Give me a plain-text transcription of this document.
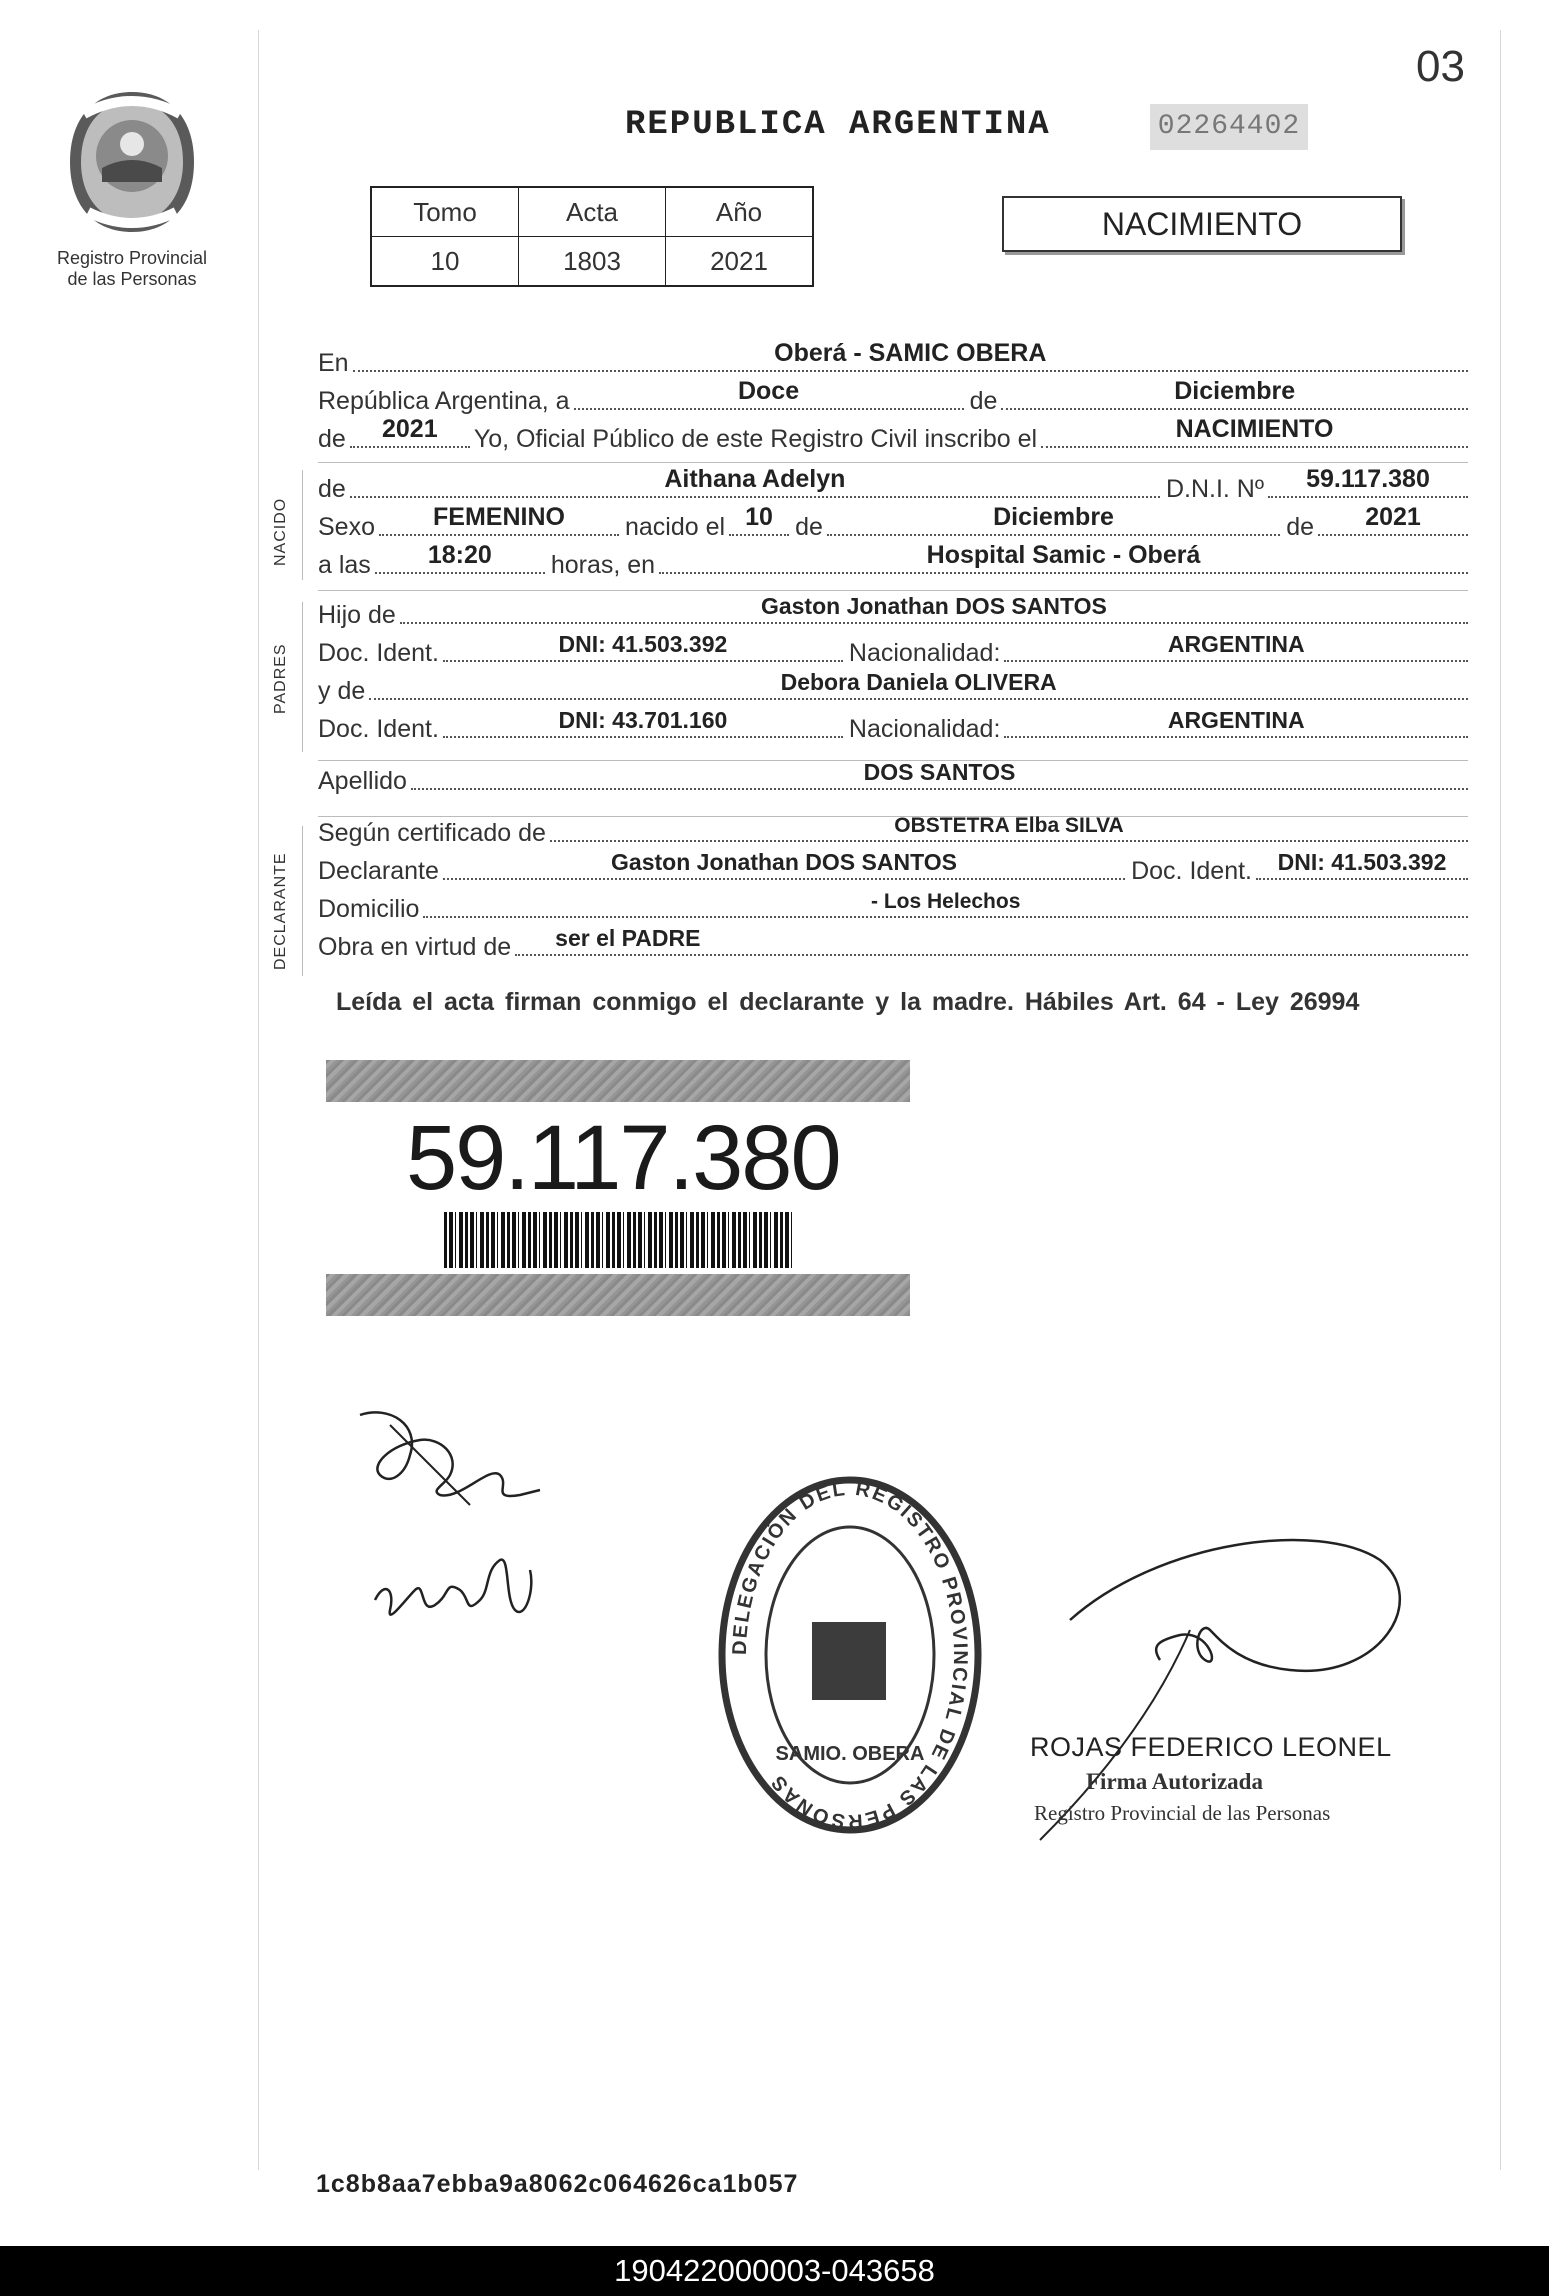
03
Registro Provincial
de las Personas
REPUBLICA ARGENTINA	02264402
Tomo	Acta	Año
10	1803	2021
NACIMIENTO
En	Oberá - SAMIC OBERA
República Argentina, a	Doce	de	Diciembre
de	2021	Yo, Oficial Público de este Registro Civil inscribo el	NACIMIENTO
NACIDO
de	Aithana Adelyn	D.N.I. Nº	59.117.380
Sexo	FEMENINO	nacido el 10 de	Diciembre	de	2021
a las	18:20	horas, en	Hospital Samic - Oberá
PADRES
Hijo de	Gaston Jonathan DOS SANTOS
Doc. Ident.	DNI: 41.503.392	Nacionalidad:	ARGENTINA
y de	Debora Daniela OLIVERA
Doc. Ident.	DNI: 43.701.160	Nacionalidad:	ARGENTINA
Apellido	DOS SANTOS
DECLARANTE
Según certificado de	OBSTETRA Elba SILVA
Declarante	Gaston Jonathan DOS SANTOS	Doc. Ident.	DNI: 41.503.392
Domicilio	- Los Helechos
Obra en virtud de ser el PADRE
Leída el acta firman conmigo el declarante y la madre. Hábiles Art. 64 - Ley 26994
59.117.380
DELEGACIÓN DEL REGISTRO PROVINCIAL DE LAS PERSONAS
SAMIO. OBERA	ROJAS FEDERICO LEONEL
Firma Autorizada
Registro Provincial de las Personas
1c8b8aa7ebba9a8062c064626ca1b057
190422000003-043658
